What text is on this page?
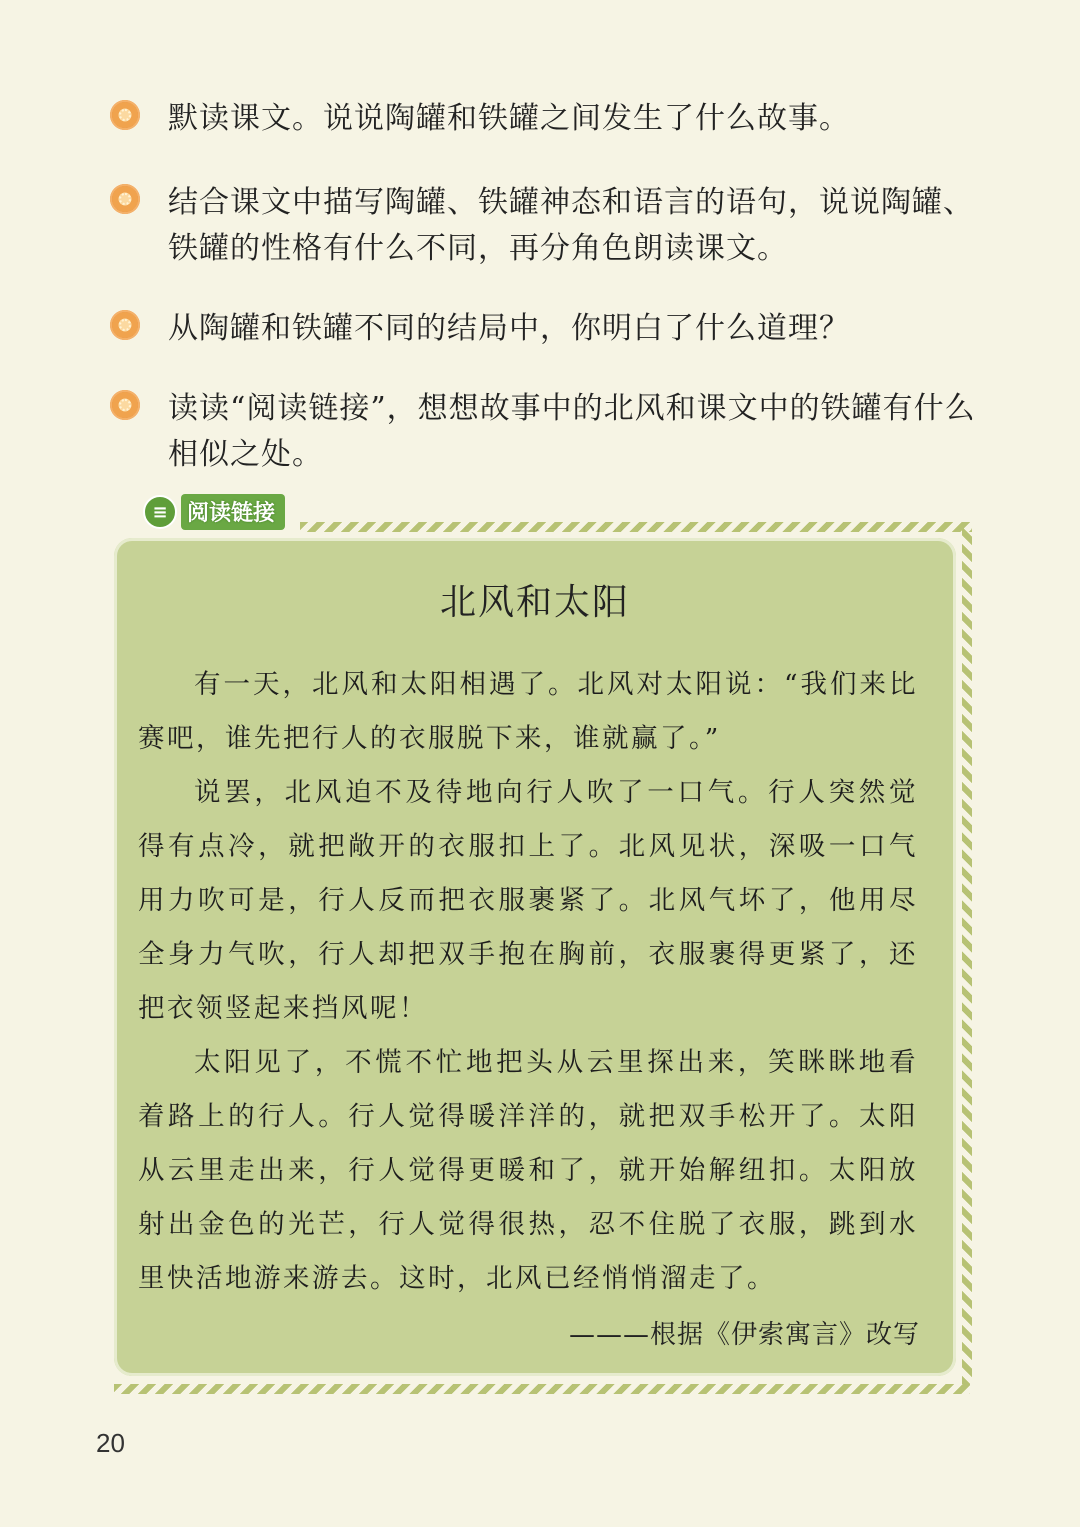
默读课文。说说陶罐和铁罐之间发生了什么故事。
结合课文中描写陶罐、铁罐神态和语言的语句，说说陶罐、铁罐的性格有什么不同，再分角色朗读课文。
从陶罐和铁罐不同的结局中，你明白了什么道理？
读读“阅读链接”，想想故事中的北风和课文中的铁罐有什么相似之处。
≡ 阅读链接
北风和太阳

有一天，北风和太阳相遇了。北风对太阳说：“我们来比赛吧，谁先把行人的衣服脱下来，谁就赢了。”

说罢，北风迫不及待地向行人吹了一口气。行人突然觉得有点冷，就把敞开的衣服扣上了。北风见状，深吸一口气用力吹可是，行人反而把衣服裹紧了。北风气坏了，他用尽全身力气吹，行人却把双手抱在胸前，衣服裹得更紧了，还把衣领竖起来挡风呢！

太阳见了，不慌不忙地把头从云里探出来，笑眯眯地看着路上的行人。行人觉得暖洋洋的，就把双手松开了。太阳从云里走出来，行人觉得更暖和了，就开始解纽扣。太阳放射出金色的光芒，行人觉得很热，忍不住脱了衣服，跳到水里快活地游来游去。这时，北风已经悄悄溜走了。

———根据《伊索寓言》改写
20
